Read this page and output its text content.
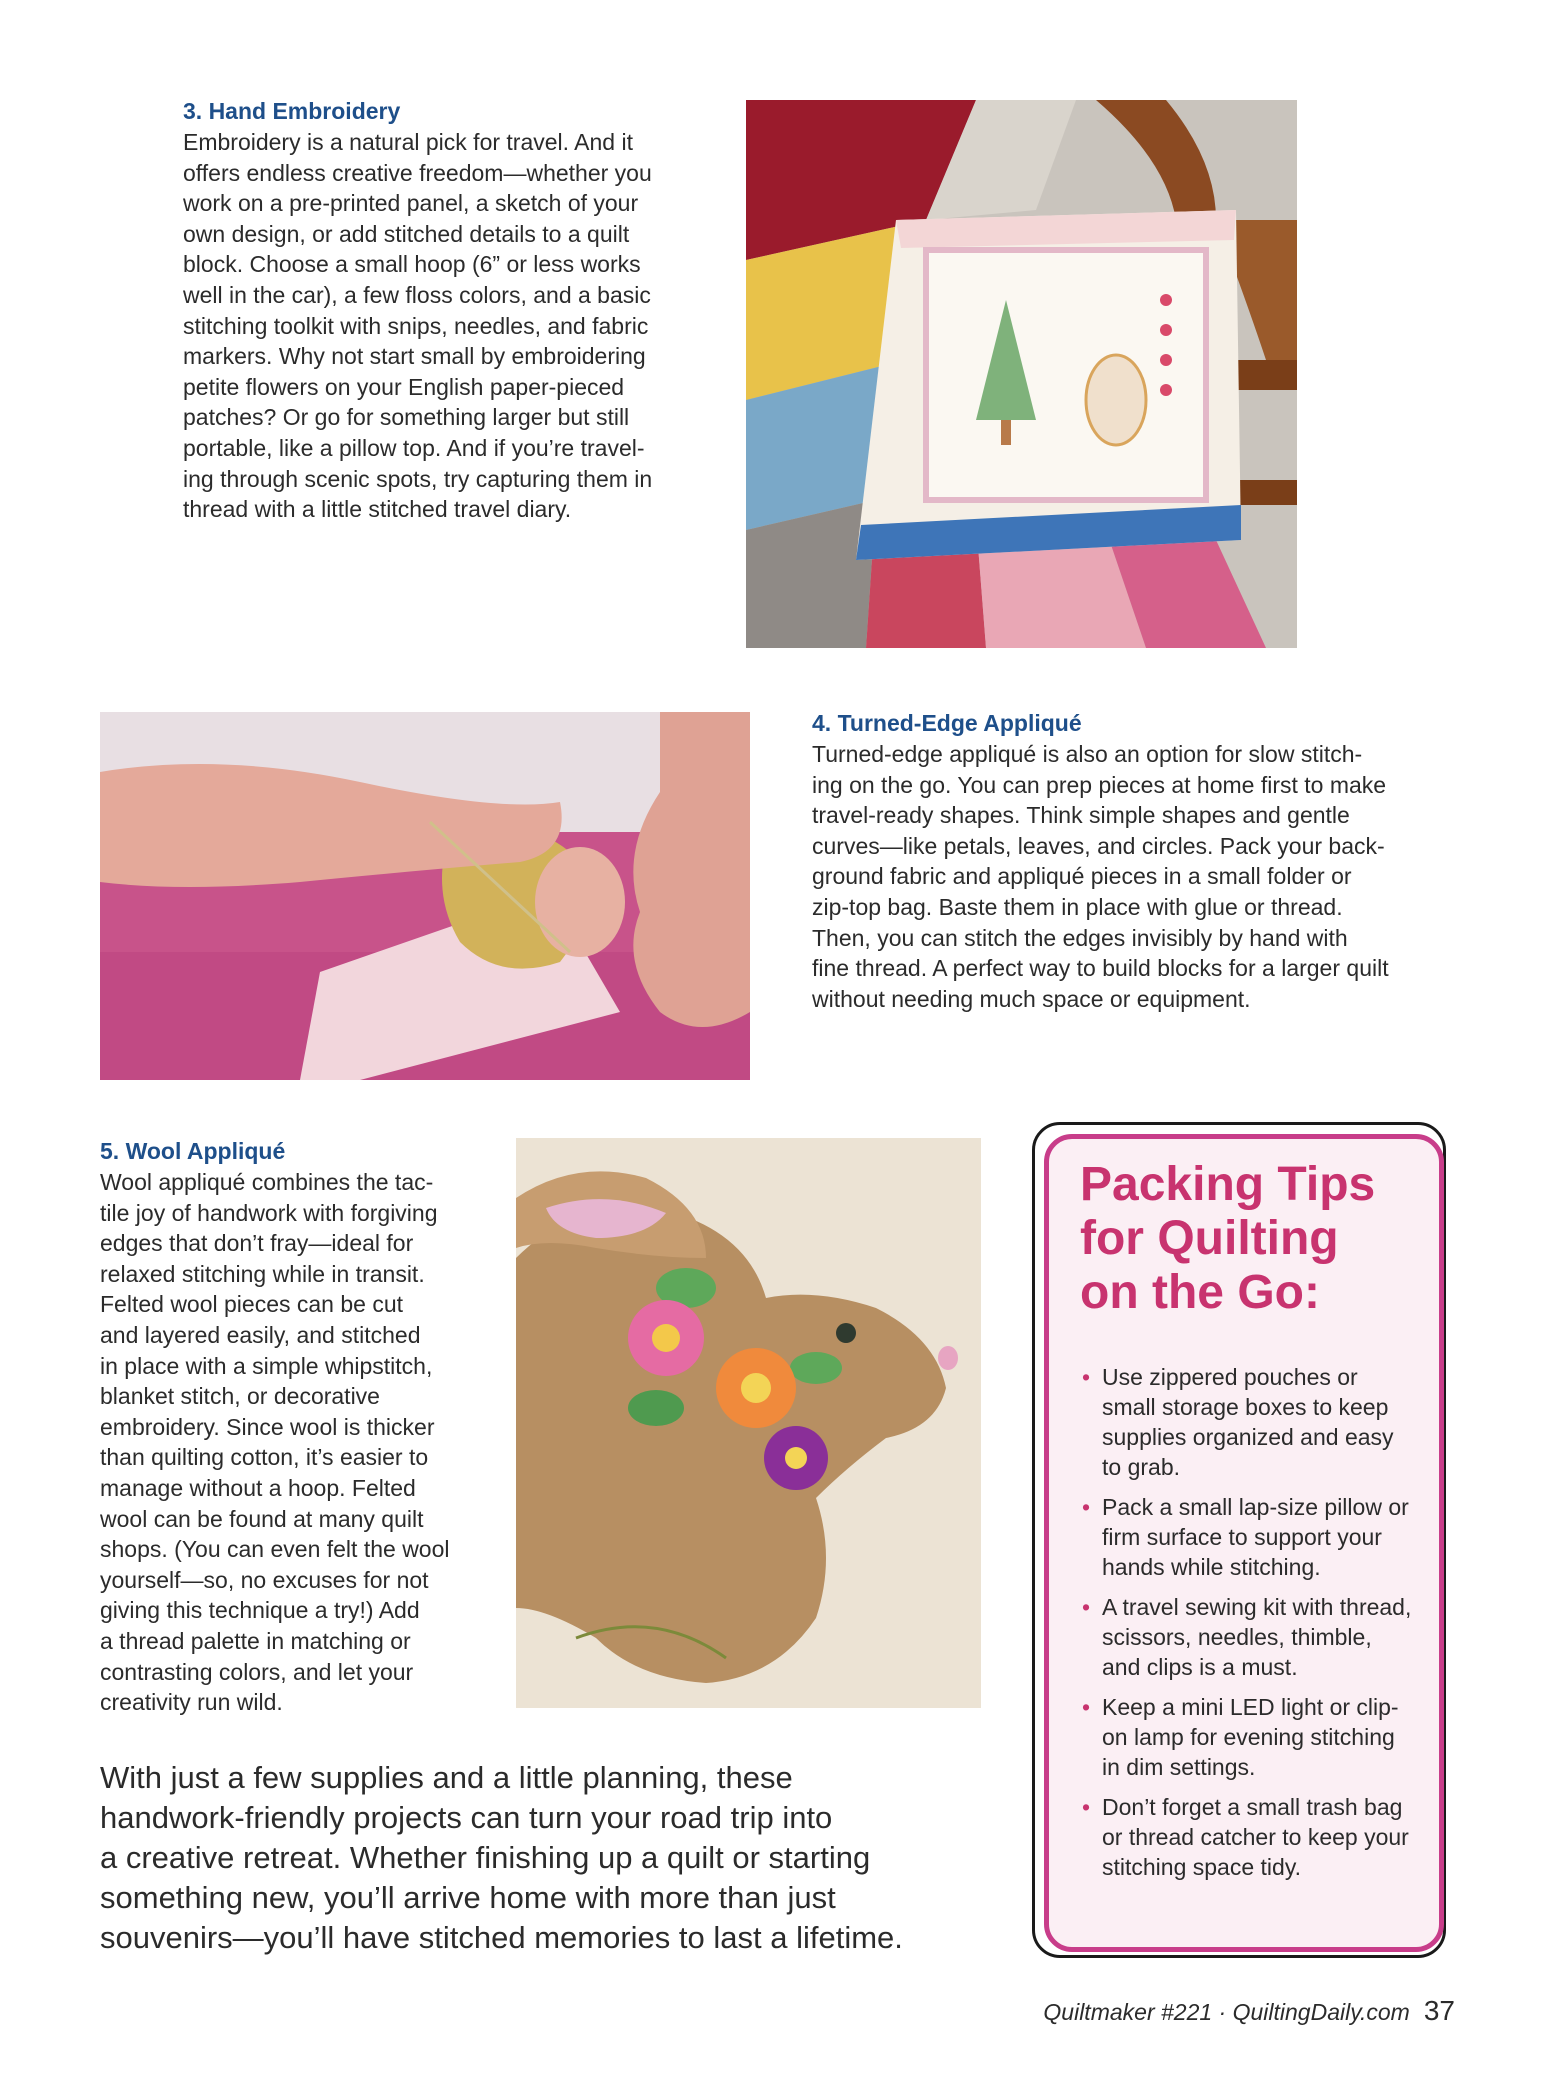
3. Hand Embroidery
Embroidery is a natural pick for travel. And it
offers endless creative freedom—whether you
work on a pre-printed panel, a sketch of your
own design, or add stitched details to a quilt
block. Choose a small hoop (6” or less works
well in the car), a few floss colors, and a basic
stitching toolkit with snips, needles, and fabric
markers. Why not start small by embroidering
petite flowers on your English paper-pieced
patches? Or go for something larger but still
portable, like a pillow top. And if you’re travel-
ing through scenic spots, try capturing them in
thread with a little stitched travel diary.
4. Turned-Edge Appliqué
Turned-edge appliqué is also an option for slow stitch-
ing on the go. You can prep pieces at home first to make
travel-ready shapes. Think simple shapes and gentle
curves—like petals, leaves, and circles. Pack your back-
ground fabric and appliqué pieces in a small folder or
zip-top bag. Baste them in place with glue or thread.
Then, you can stitch the edges invisibly by hand with
fine thread. A perfect way to build blocks for a larger quilt
without needing much space or equipment.
5. Wool Appliqué
Wool appliqué combines the tac-
tile joy of handwork with forgiving
edges that don’t fray—ideal for
relaxed stitching while in transit.
Felted wool pieces can be cut
and layered easily, and stitched
in place with a simple whipstitch,
blanket stitch, or decorative
embroidery. Since wool is thicker
than quilting cotton, it’s easier to
manage without a hoop. Felted
wool can be found at many quilt
shops. (You can even felt the wool
yourself—so, no excuses for not
giving this technique a try!) Add
a thread palette in matching or
contrasting colors, and let your
creativity run wild.
With just a few supplies and a little planning, these
handwork-friendly projects can turn your road trip into
a creative retreat. Whether finishing up a quilt or starting
something new, you’ll arrive home with more than just
souvenirs—you’ll have stitched memories to last a lifetime.
Packing Tips
for Quilting
on the Go:
• Use zippered pouches or small storage boxes to keep supplies organized and easy to grab.
• Pack a small lap-size pillow or firm surface to support your hands while stitching.
• A travel sewing kit with thread, scissors, needles, thimble, and clips is a must.
• Keep a mini LED light or clip-on lamp for evening stitching in dim settings.
• Don’t forget a small trash bag or thread catcher to keep your stitching space tidy.
Quiltmaker #221 · QuiltingDaily.com 37
